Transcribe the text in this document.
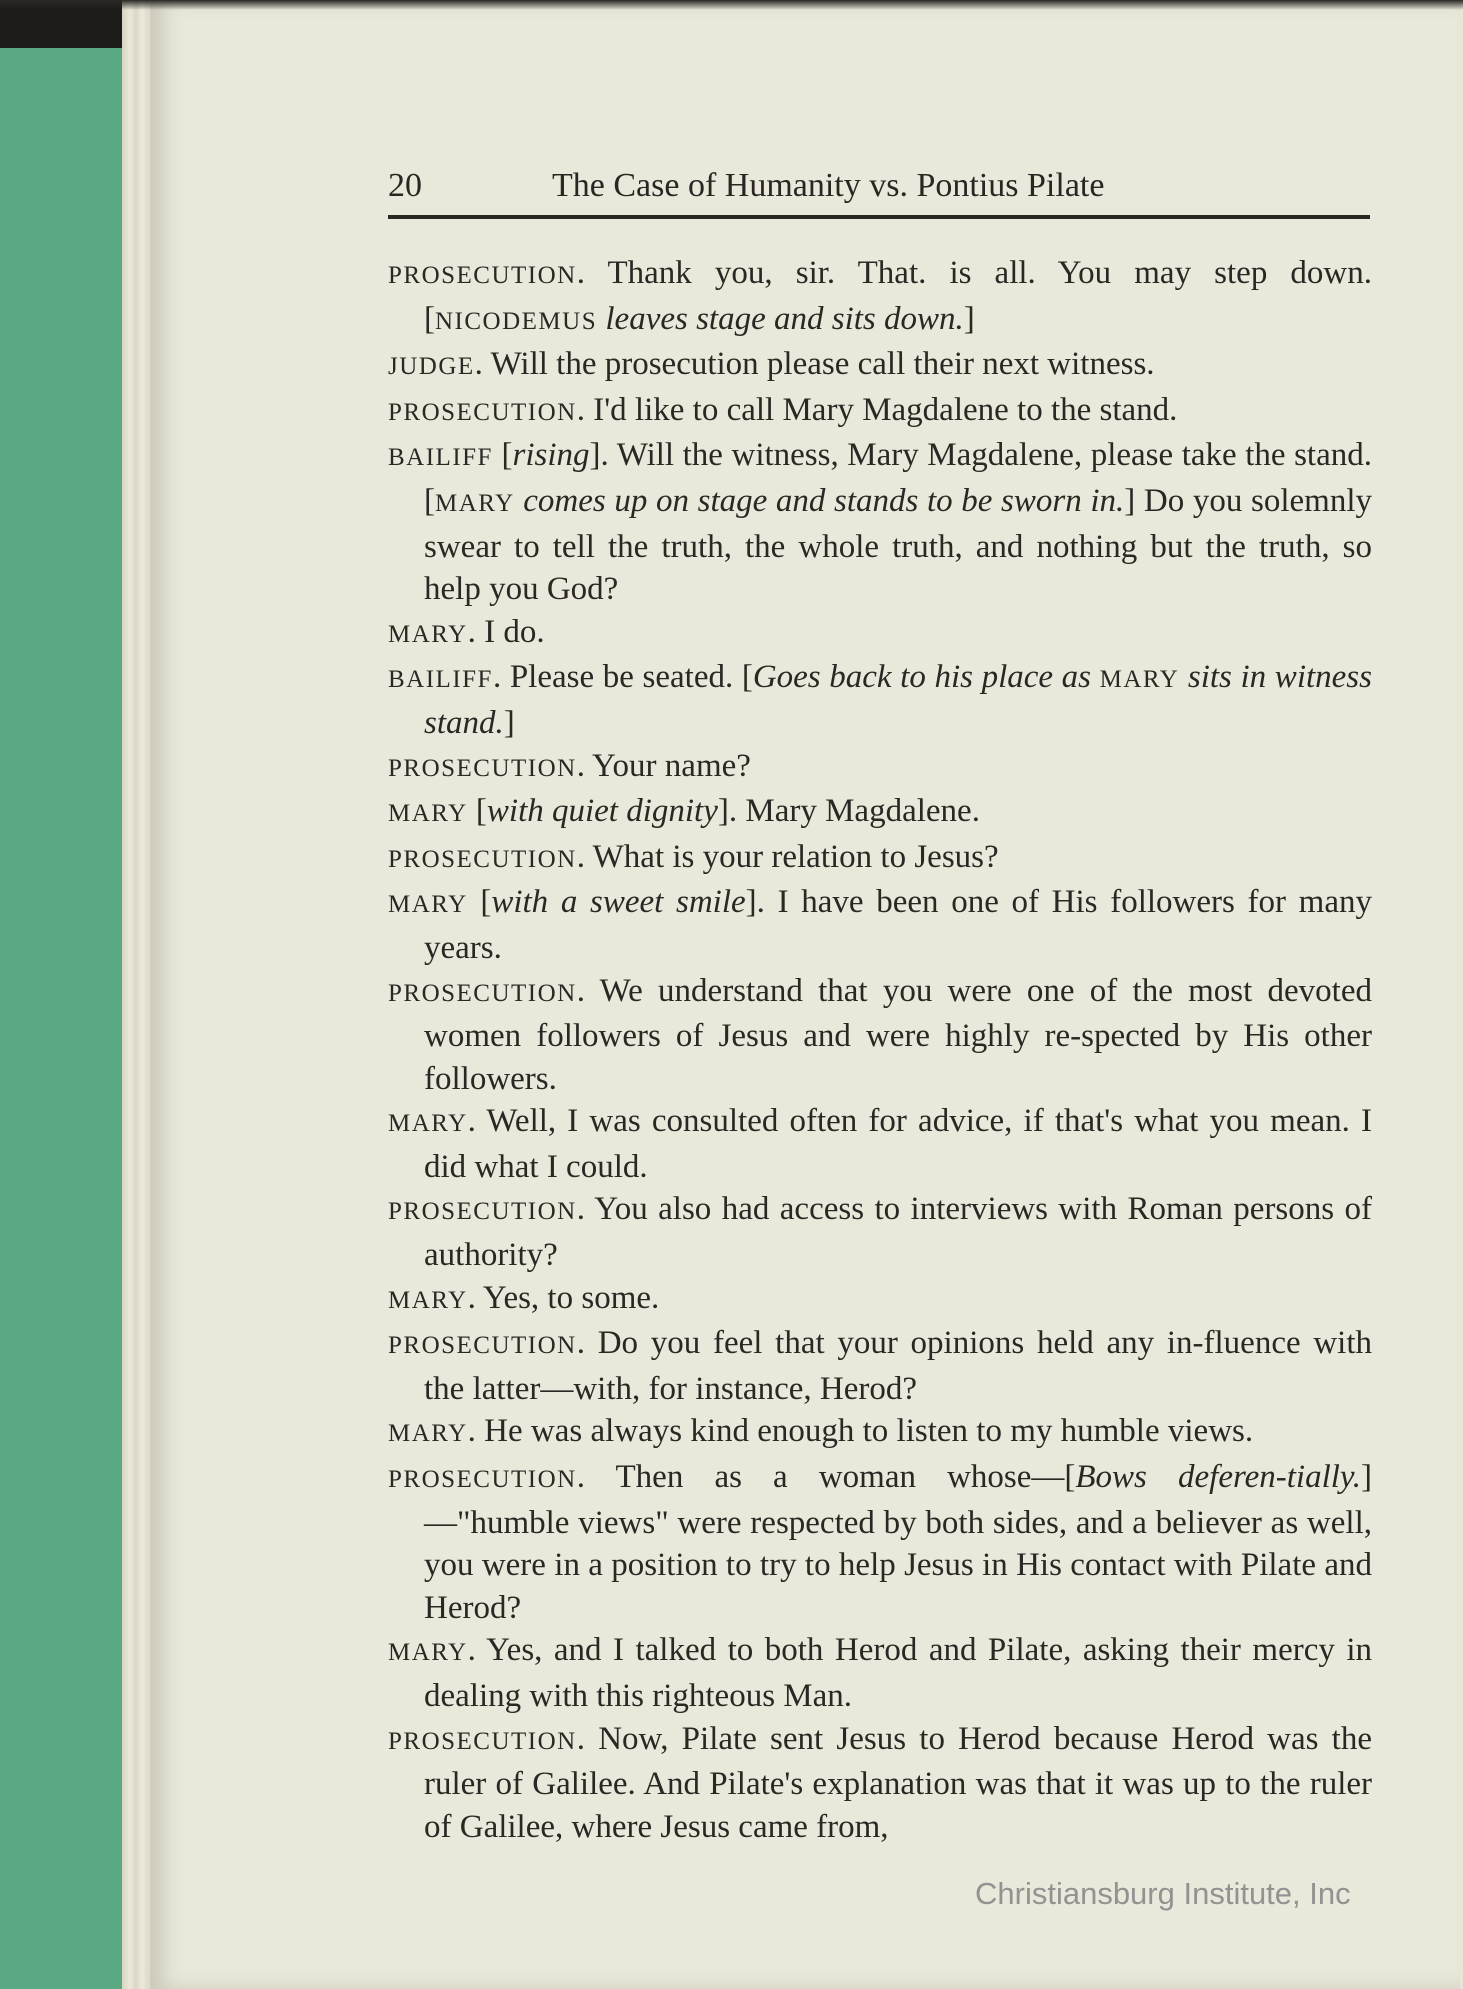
20	The Case of Humanity vs. Pontius Pilate

PROSECUTION. Thank you, sir. That. is all. You may step down. [NICODEMUS leaves stage and sits down.]

JUDGE. Will the prosecution please call their next witness.

PROSECUTION. I'd like to call Mary Magdalene to the stand.

BAILIFF [rising]. Will the witness, Mary Magdalene, please take the stand. [MARY comes up on stage and stands to be sworn in.] Do you solemnly swear to tell the truth, the whole truth, and nothing but the truth, so help you God?

MARY. I do.

BAILIFF. Please be seated. [Goes back to his place as MARY sits in witness stand.]

PROSECUTION. Your name?

MARY [with quiet dignity]. Mary Magdalene.

PROSECUTION. What is your relation to Jesus?

MARY [with a sweet smile]. I have been one of His followers for many years.

PROSECUTION. We understand that you were one of the most devoted women followers of Jesus and were highly re-spected by His other followers.

MARY. Well, I was consulted often for advice, if that's what you mean. I did what I could.

PROSECUTION. You also had access to interviews with Roman persons of authority?

MARY. Yes, to some.

PROSECUTION. Do you feel that your opinions held any in-fluence with the latter—with, for instance, Herod?

MARY. He was always kind enough to listen to my humble views.

PROSECUTION. Then as a woman whose—[Bows deferen-tially.]—"humble views" were respected by both sides, and a believer as well, you were in a position to try to help Jesus in His contact with Pilate and Herod?

MARY. Yes, and I talked to both Herod and Pilate, asking their mercy in dealing with this righteous Man.

PROSECUTION. Now, Pilate sent Jesus to Herod because Herod was the ruler of Galilee. And Pilate's explanation was that it was up to the ruler of Galilee, where Jesus came from,

Christiansburg Institute, Inc
